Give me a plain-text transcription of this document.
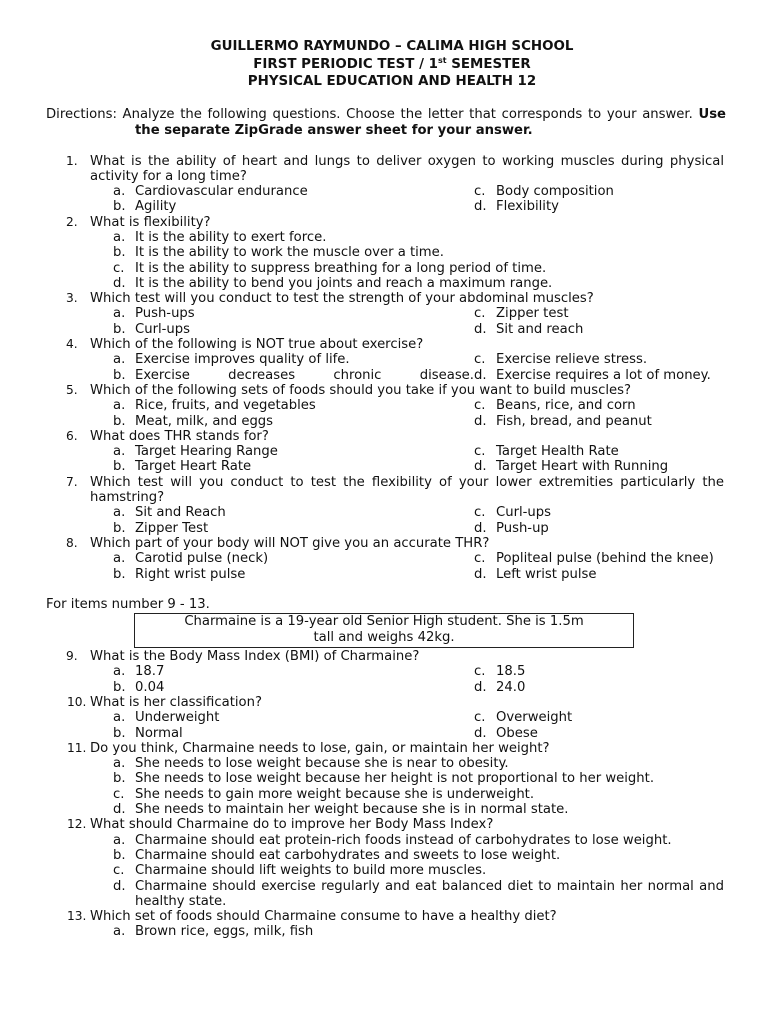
GUILLERMO RAYMUNDO – CALIMA HIGH SCHOOL
FIRST PERIODIC TEST / 1st SEMESTER
PHYSICAL EDUCATION AND HEALTH 12
Directions: Analyze the following questions. Choose the letter that corresponds to your answer. Use the separate ZipGrade answer sheet for your answer.
1. What is the ability of heart and lungs to deliver oxygen to working muscles during physical activity for a long time?
a. Cardiovascular endurance	c. Body composition
b. Agility	d. Flexibility
2. What is flexibility?
a. It is the ability to exert force.
b. It is the ability to work the muscle over a time.
c. It is the ability to suppress breathing for a long period of time.
d. It is the ability to bend you joints and reach a maximum range.
3. Which test will you conduct to test the strength of your abdominal muscles?
a. Push-ups	c. Zipper test
b. Curl-ups	d. Sit and reach
4. Which of the following is NOT true about exercise?
a. Exercise improves quality of life.	c. Exercise relieve stress.
b. Exercise decreases chronic disease. d. Exercise requires a lot of money.
5. Which of the following sets of foods should you take if you want to build muscles?
a. Rice, fruits, and vegetables	c. Beans, rice, and corn
b. Meat, milk, and eggs	d. Fish, bread, and peanut
6. What does THR stands for?
a. Target Hearing Range	c. Target Health Rate
b. Target Heart Rate	d. Target Heart with Running
7. Which test will you conduct to test the flexibility of your lower extremities particularly the hamstring?
a. Sit and Reach	c. Curl-ups
b. Zipper Test	d. Push-up
8. Which part of your body will NOT give you an accurate THR?
a. Carotid pulse (neck)	c. Popliteal pulse (behind the knee)
b. Right wrist pulse	d. Left wrist pulse
For items number 9 - 13.
Charmaine is a 19-year old Senior High student. She is 1.5m
tall and weighs 42kg.
9. What is the Body Mass Index (BMI) of Charmaine?
a. 18.7	c. 18.5
b. 0.04	d. 24.0
10. What is her classification?
a. Underweight	c. Overweight
b. Normal	d. Obese
11. Do you think, Charmaine needs to lose, gain, or maintain her weight?
a. She needs to lose weight because she is near to obesity.
b. She needs to lose weight because her height is not proportional to her weight.
c. She needs to gain more weight because she is underweight.
d. She needs to maintain her weight because she is in normal state.
12. What should Charmaine do to improve her Body Mass Index?
a. Charmaine should eat protein-rich foods instead of carbohydrates to lose weight.
b. Charmaine should eat carbohydrates and sweets to lose weight.
c. Charmaine should lift weights to build more muscles.
d. Charmaine should exercise regularly and eat balanced diet to maintain her normal and healthy state.
13. Which set of foods should Charmaine consume to have a healthy diet?
a. Brown rice, eggs, milk, fish
